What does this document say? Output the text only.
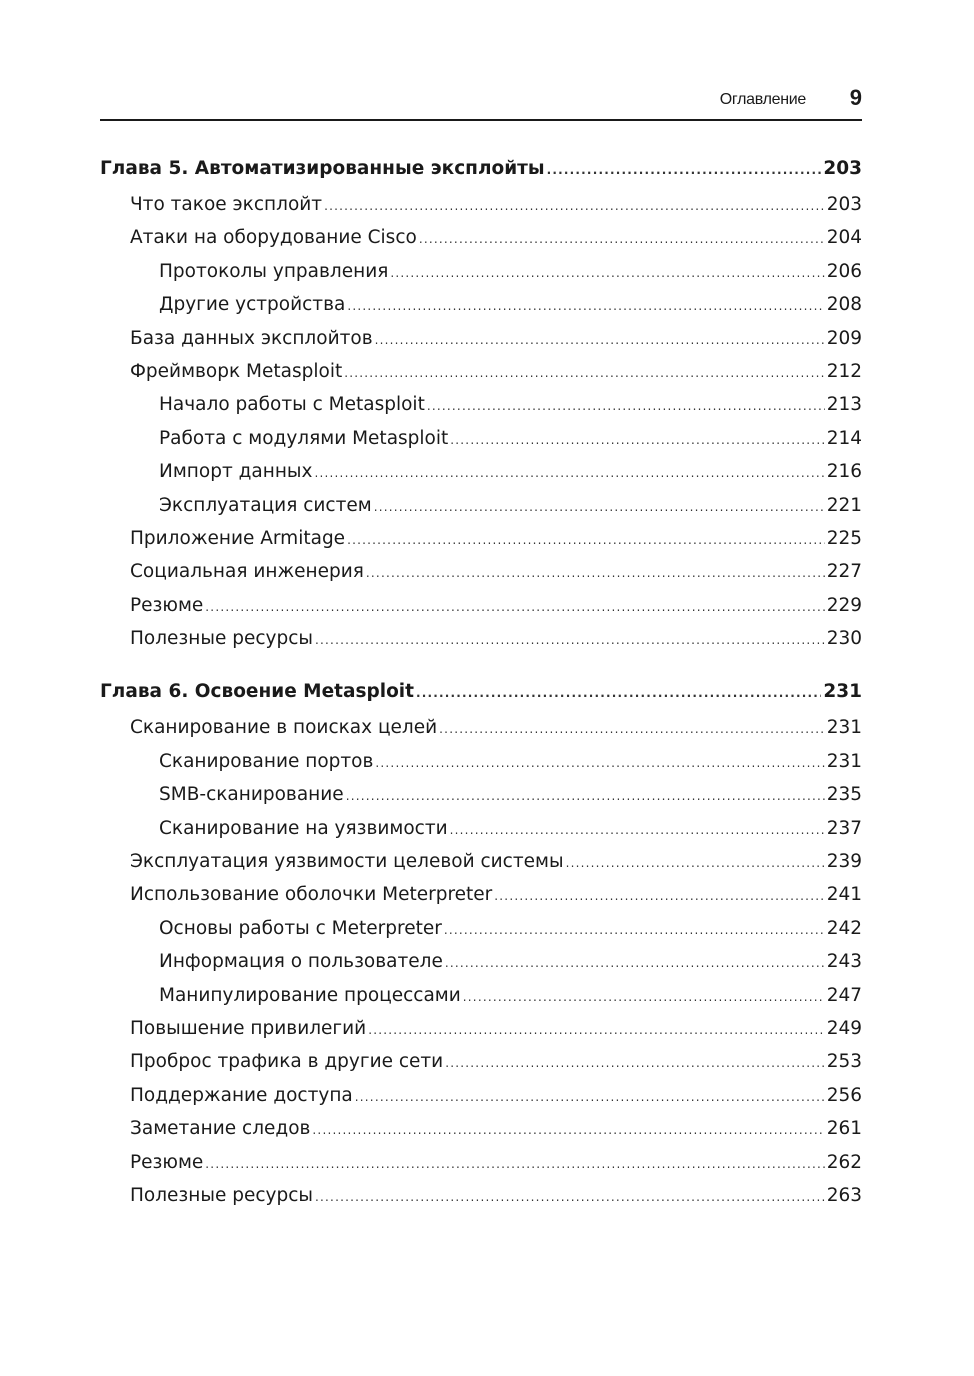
Оглавление 9
Глава 5. Автоматизированные эксплойты .....	203
Что такое эксплойт .....	203
Атаки на оборудование Cisco .....	204
Протоколы управления .....	206
Другие устройства .....	208
База данных эксплойтов .....	209
Фреймворк Metasploit .....	212
Начало работы с Metasploit .....	213
Работа с модулями Metasploit .....	214
Импорт данных .....	216
Эксплуатация систем .....	221
Приложение Armitage .....	225
Социальная инженерия .....	227
Резюме .....	229
Полезные ресурсы .....	230
Глава 6. Освоение Metasploit .....	231
Сканирование в поисках целей .....	231
Сканирование портов .....	231
SMB-сканирование .....	235
Сканирование на уязвимости .....	237
Эксплуатация уязвимости целевой системы .....	239
Использование оболочки Meterpreter .....	241
Основы работы с Meterpreter .....	242
Информация о пользователе .....	243
Манипулирование процессами .....	247
Повышение привилегий .....	249
Проброс трафика в другие сети .....	253
Поддержание доступа .....	256
Заметание следов .....	261
Резюме .....	262
Полезные ресурсы .....	263
